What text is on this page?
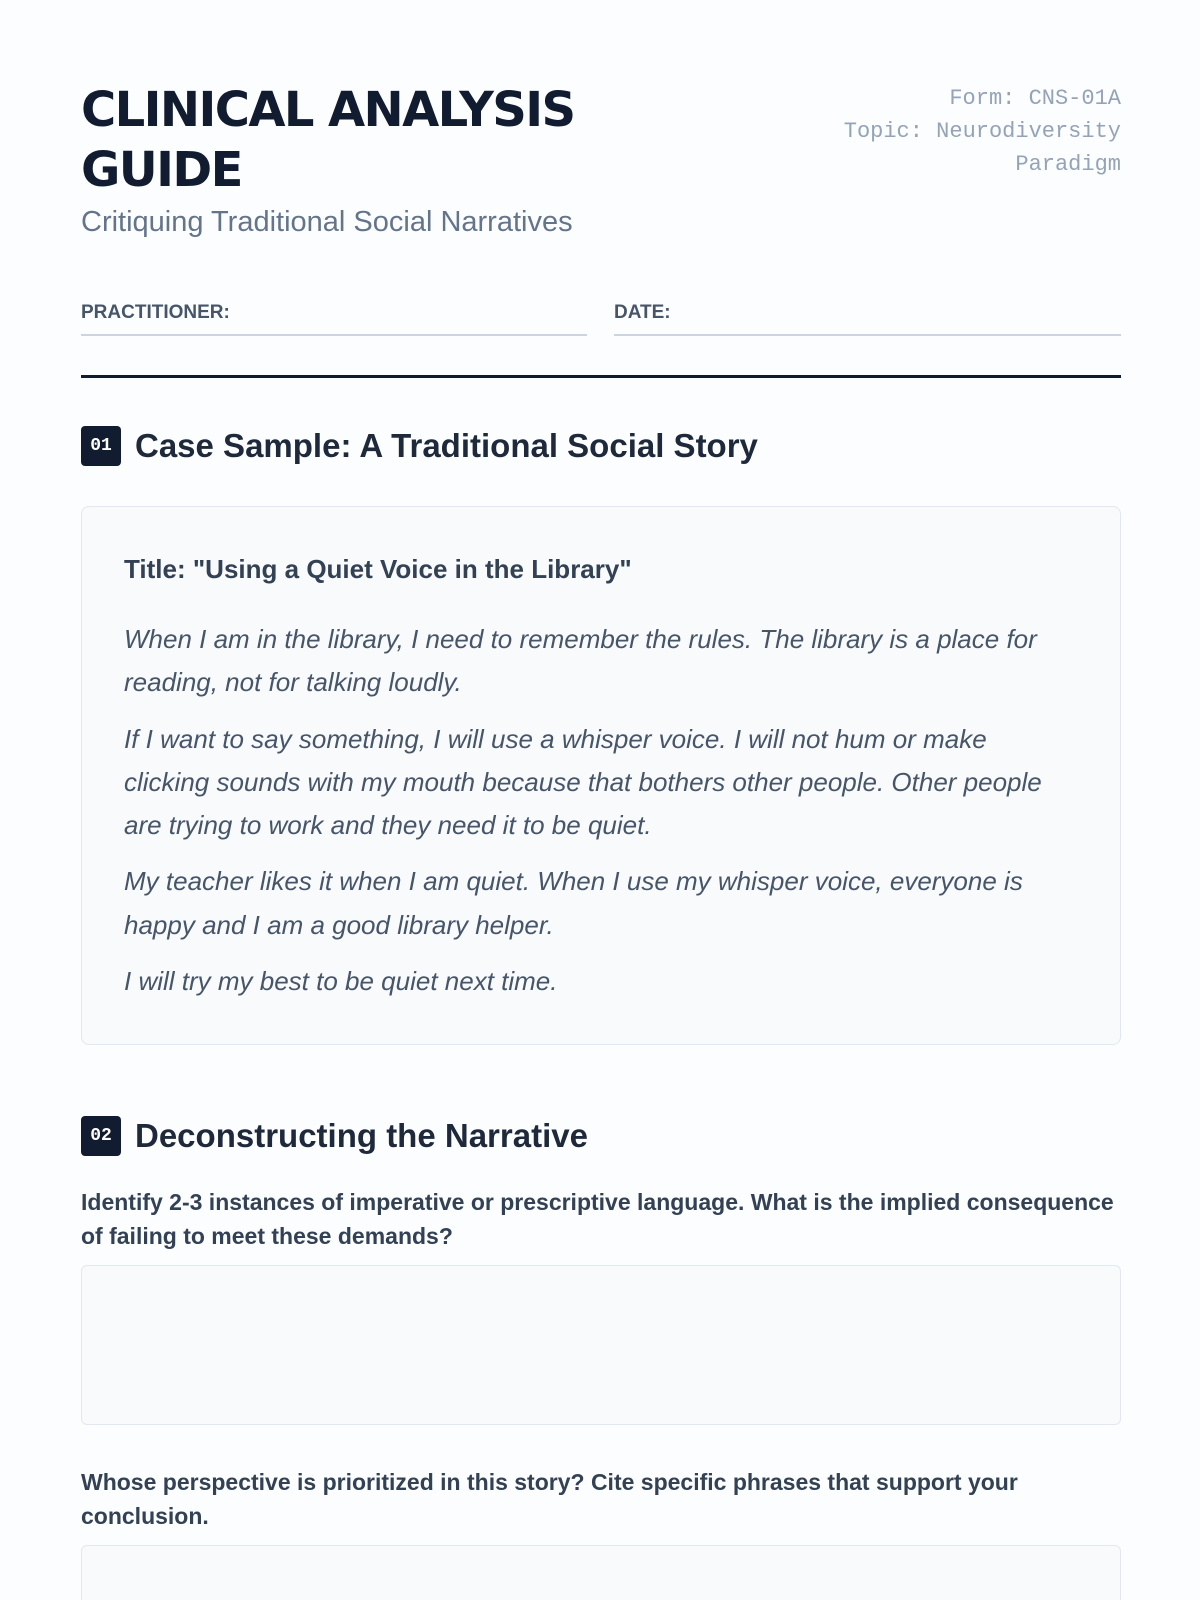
CLINICAL ANALYSIS GUIDE
Critiquing Traditional Social Narratives
Form: CNS-01A
Topic: Neurodiversity Paradigm
PRACTITIONER:	DATE:
01 Case Sample: A Traditional Social Story
Title: "Using a Quiet Voice in the Library"

When I am in the library, I need to remember the rules. The library is a place for reading, not for talking loudly.

If I want to say something, I will use a whisper voice. I will not hum or make clicking sounds with my mouth because that bothers other people. Other people are trying to work and they need it to be quiet.

My teacher likes it when I am quiet. When I use my whisper voice, everyone is happy and I am a good library helper.

I will try my best to be quiet next time.

02 Deconstructing the Narrative
Identify 2-3 instances of imperative or prescriptive language. What is the implied consequence of failing to meet these demands?
Whose perspective is prioritized in this story? Cite specific phrases that support your conclusion.
